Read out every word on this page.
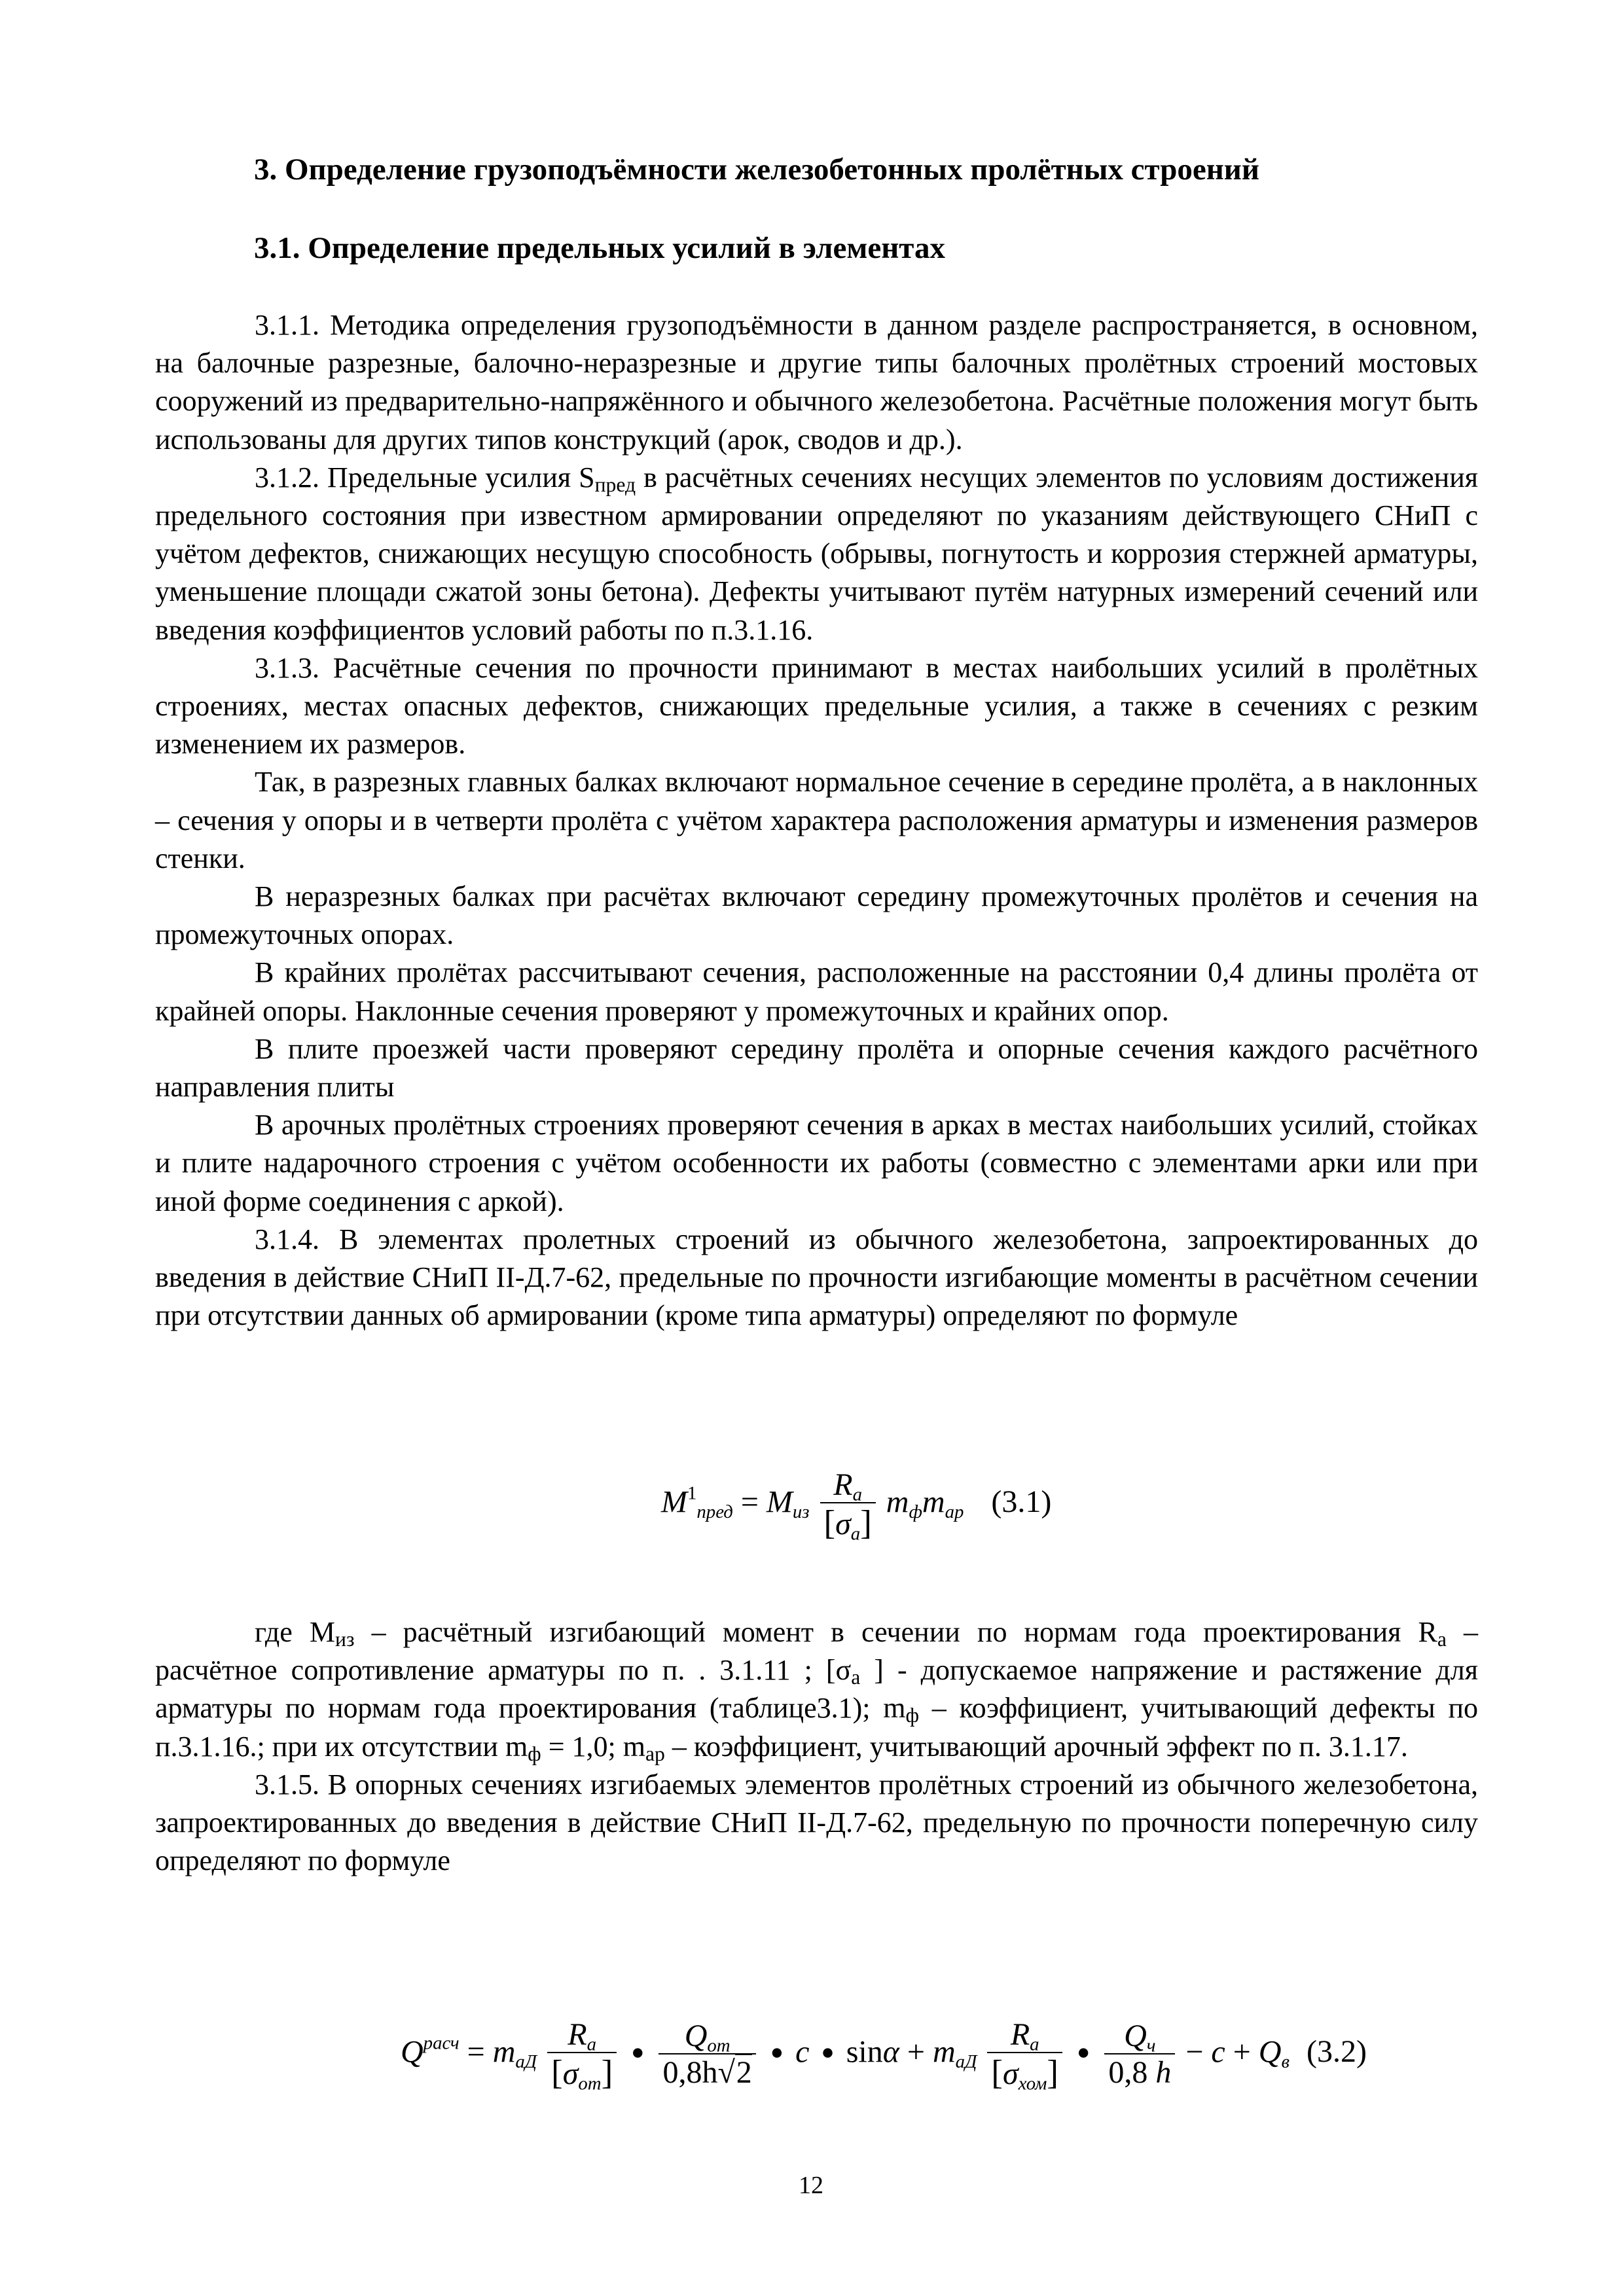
3. Определение грузоподъёмности железобетонных пролётных строений
3.1. Определение предельных усилий в элементах

3.1.1. Методика определения грузоподъёмности в данном разделе распространяется, в основном, на балочные разрезные, балочно-неразрезные и другие типы балочных пролётных строений мостовых сооружений из предварительно-напряжённого и обычного железобетона. Расчётные положения могут быть использованы для других типов конструкций (арок, сводов и др.).

3.1.2. Предельные усилия $S_{пред}$ в расчётных сечениях несущих элементов по условиям достижения предельного состояния при известном армировании определяют по указаниям действующего СНиП с учётом дефектов, снижающих несущую способность (обрывы, погнутость и коррозия стержней арматуры, уменьшение площади сжатой зоны бетона). Дефекты учитывают путём натурных измерений сечений или введения коэффициентов условий работы по п.3.1.16.

3.1.3. Расчётные сечения по прочности принимают в местах наибольших усилий в пролётных строениях, местах опасных дефектов, снижающих предельные усилия, а также в сечениях с резким изменением их размеров.

Так, в разрезных главных балках включают нормальное сечение в середине пролёта, а в наклонных – сечения у опоры и в четверти пролёта с учётом характера расположения арматуры и изменения размеров стенки.

В неразрезных балках при расчётах включают середину промежуточных пролётов и сечения на промежуточных опорах.

В крайних пролётах рассчитывают сечения, расположенные на расстоянии 0,4 длины пролёта от крайней опоры. Наклонные сечения проверяют у промежуточных и крайних опор.

В плите проезжей части проверяют середину пролёта и опорные сечения каждого расчётного направления плиты

В арочных пролётных строениях проверяют сечения в арках в местах наибольших усилий, стойках и плите надарочного строения с учётом особенности их работы (совместно с элементами арки или при иной форме соединения с аркой).

3.1.4. В элементах пролетных строений из обычного железобетона, запроектированных до введения в действие СНиП II-Д.7-62, предельные по прочности изгибающие моменты в расчётном сечении при отсутствии данных об армировании (кроме типа арматуры) определяют по формуле

$M^1пред$ = Mиз $\frac{Ra}{[\sigma a]}$ mфmар (3.1)

где $М_{из}$ – расчётный изгибающий момент в сечении по нормам года проектирования $R_а$ – расчётное сопротивление арматуры по п. . 3.1.11 ; [$\sigma_а$ ] - допускаемое напряжение и растяжение для арматуры по нормам года проектирования (таблице3.1); $m_ф$ – коэффициент, учитывающий дефекты по п.3.1.16.; при их отсутствии $m_ф = 1,0$; $m_{ар}$ – коэффициент, учитывающий арочный эффект по п. 3.1.17.

3.1.5. В опорных сечениях изгибаемых элементов пролётных строений из обычного железобетона, запроектированных до введения в действие СНиП II-Д.7-62, предельную по прочности поперечную силу определяют по формуле

$Q^{расч}$ = mаД $\frac{Rа}{\text{[σот]}}$ ● $\frac{\text{Qот}}{0,8h√2}$ ● c ● sinα + mаД $\frac{Rа}{\text{[σхом]}}$ ● $\frac{Qч}{0,8 h} - c$ + Qв (3.2)
12
